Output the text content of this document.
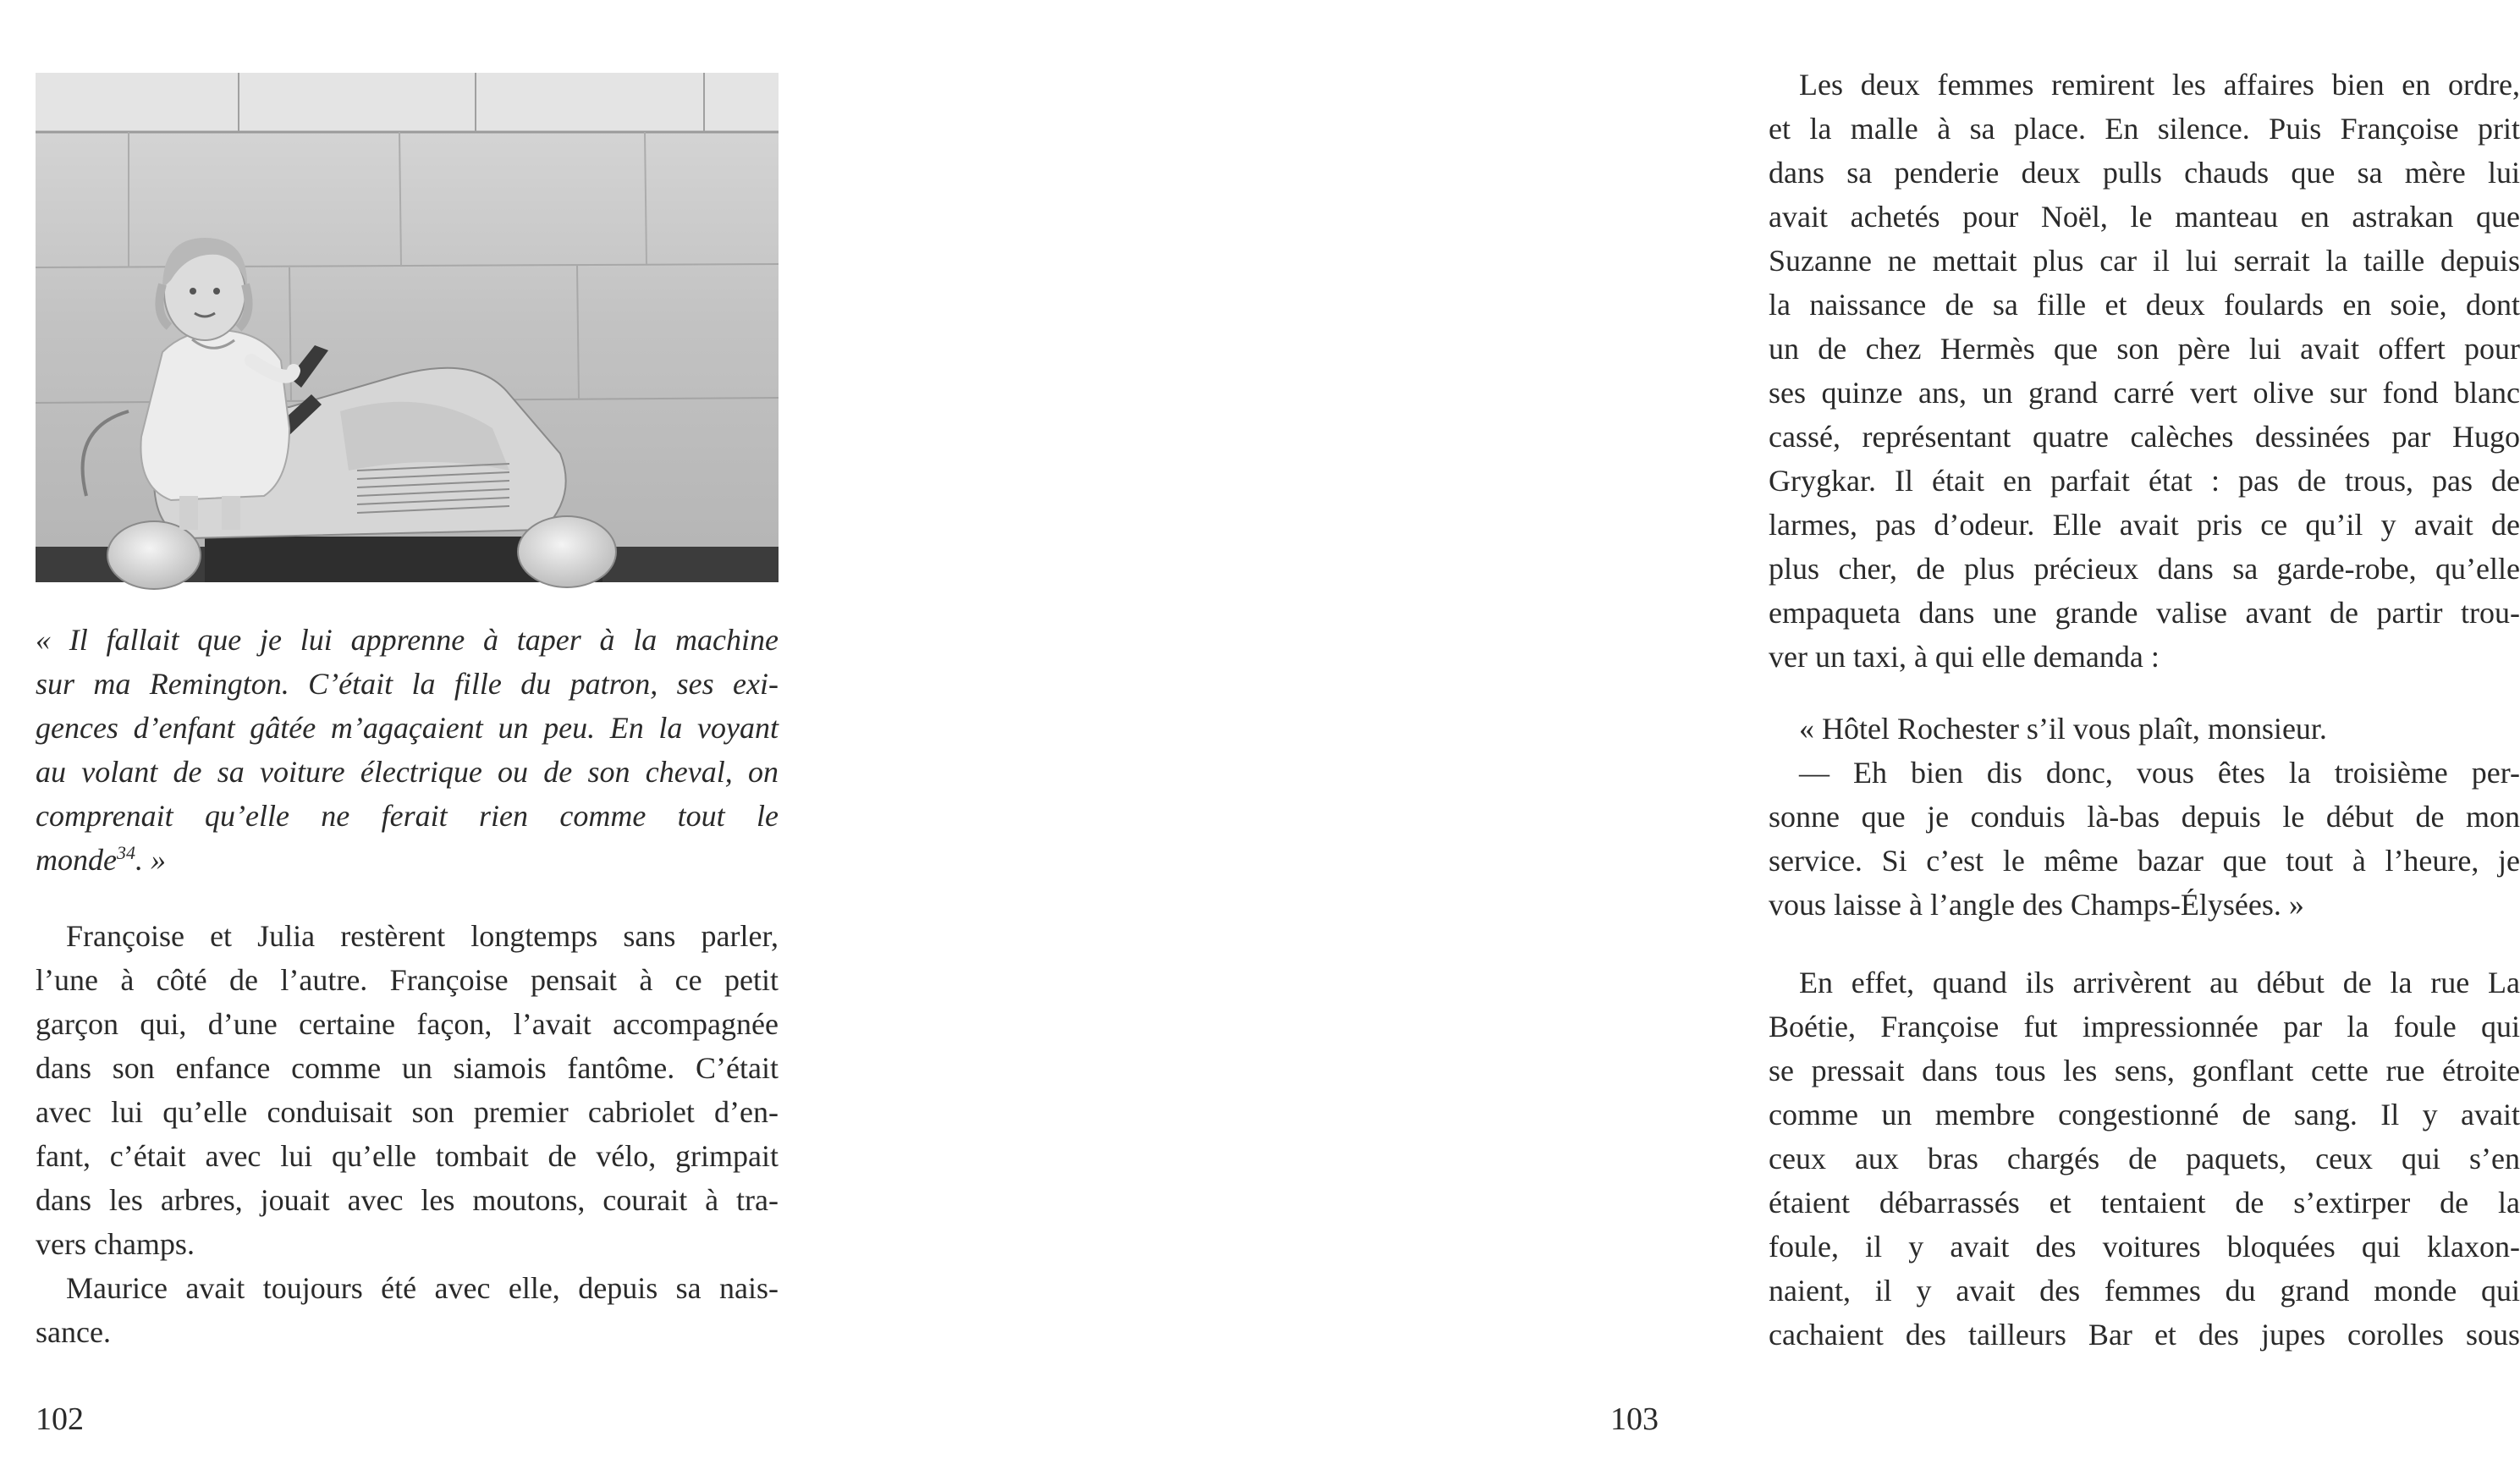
« Il fallait que je lui apprenne à taper à la machine
sur ma Remington. C’était la fille du patron, ses exi-
gences d’enfant gâtée m’agaçaient un peu. En la voyant
au volant de sa voiture électrique ou de son cheval, on
comprenait qu’elle ne ferait rien comme tout le
monde$^{34}$. »
Françoise et Julia restèrent longtemps sans parler,
l’une à côté de l’autre. Françoise pensait à ce petit
garçon qui, d’une certaine façon, l’avait accompagnée
dans son enfance comme un siamois fantôme. C’était
avec lui qu’elle conduisait son premier cabriolet d’en-
fant, c’était avec lui qu’elle tombait de vélo, grimpait
dans les arbres, jouait avec les moutons, courait à tra-
vers champs.
Maurice avait toujours été avec elle, depuis sa nais-
sance.
102
Les deux femmes remirent les affaires bien en ordre,
et la malle à sa place. En silence. Puis Françoise prit
dans sa penderie deux pulls chauds que sa mère lui
avait achetés pour Noël, le manteau en astrakan que
Suzanne ne mettait plus car il lui serrait la taille depuis
la naissance de sa fille et deux foulards en soie, dont
un de chez Hermès que son père lui avait offert pour
ses quinze ans, un grand carré vert olive sur fond blanc
cassé, représentant quatre calèches dessinées par Hugo
Grygkar. Il était en parfait état : pas de trous, pas de
larmes, pas d’odeur. Elle avait pris ce qu’il y avait de
plus cher, de plus précieux dans sa garde-robe, qu’elle
empaqueta dans une grande valise avant de partir trou-
ver un taxi, à qui elle demanda :
« Hôtel Rochester s’il vous plaît, monsieur.
— Eh bien dis donc, vous êtes la troisième per-
sonne que je conduis là-bas depuis le début de mon
service. Si c’est le même bazar que tout à l’heure, je
vous laisse à l’angle des Champs-Élysées. »
En effet, quand ils arrivèrent au début de la rue La
Boétie, Françoise fut impressionnée par la foule qui
se pressait dans tous les sens, gonflant cette rue étroite
comme un membre congestionné de sang. Il y avait
ceux aux bras chargés de paquets, ceux qui s’en
étaient débarrassés et tentaient de s’extirper de la
foule, il y avait des voitures bloquées qui klaxon-
naient, il y avait des femmes du grand monde qui
cachaient des tailleurs Bar et des jupes corolles sous
103
